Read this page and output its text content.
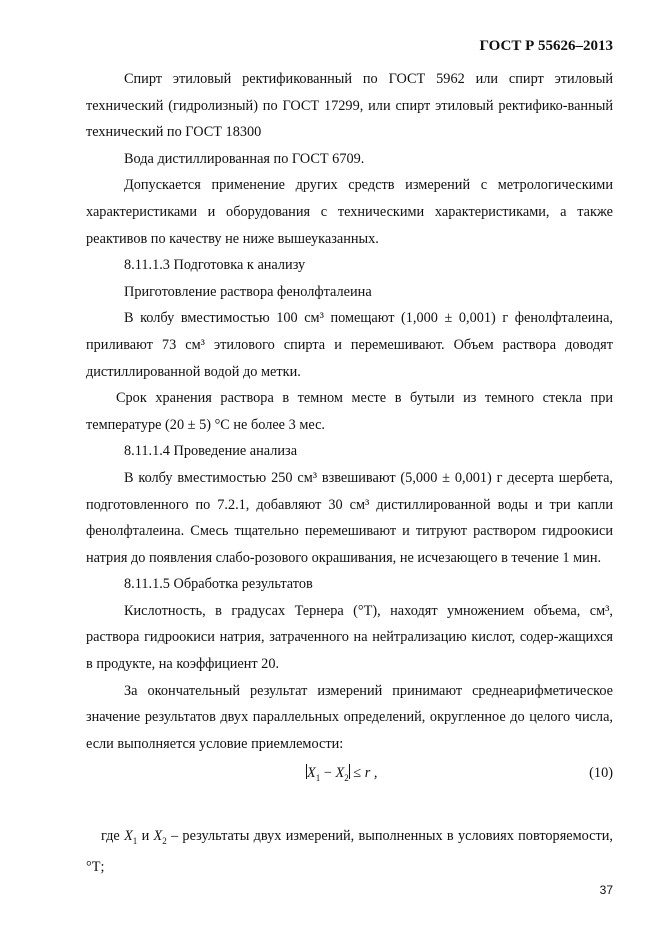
ГОСТ Р 55626–2013

Спирт этиловый ректификованный по ГОСТ 5962 или спирт этиловый технический (гидролизный) по ГОСТ 17299, или спирт этиловый ректифико-ванный технический по ГОСТ 18300

Вода дистиллированная по ГОСТ 6709.

Допускается применение других средств измерений с метрологическими характеристиками и оборудования с техническими характеристиками, а также реактивов по качеству не ниже вышеуказанных.

8.11.1.3 Подготовка к анализу

Приготовление раствора фенолфталеина

В колбу вместимостью 100 см³ помещают (1,000 ± 0,001) г фенолфталеина, приливают 73 см³ этилового спирта и перемешивают. Объем раствора доводят дистиллированной водой до метки.

Срок хранения раствора в темном месте в бутыли из темного стекла при температуре (20 ± 5) °С не более 3 мес.

8.11.1.4 Проведение анализа

В колбу вместимостью 250 см³ взвешивают (5,000 ± 0,001) г десерта шербета, подготовленного по 7.2.1, добавляют 30 см³ дистиллированной воды и три капли фенолфталеина. Смесь тщательно перемешивают и титруют раствором гидроокиси натрия до появления слабо-розового окрашивания, не исчезающего в течение 1 мин.

8.11.1.5 Обработка результатов

Кислотность, в градусах Тернера (°Т), находят умножением объема, см³, раствора гидроокиси натрия, затраченного на нейтрализацию кислот, содер-жащихся в продукте, на коэффициент 20.

За окончательный результат измерений принимают среднеарифметическое значение результатов двух параллельных определений, округленное до целого числа, если выполняется условие приемлемости:

$X_1 - X_2 \le r$ ,	(10)
где $X_1$ и $X_2$ – результаты двух измерений, выполненных в условиях повторяемости, °Т;
37
